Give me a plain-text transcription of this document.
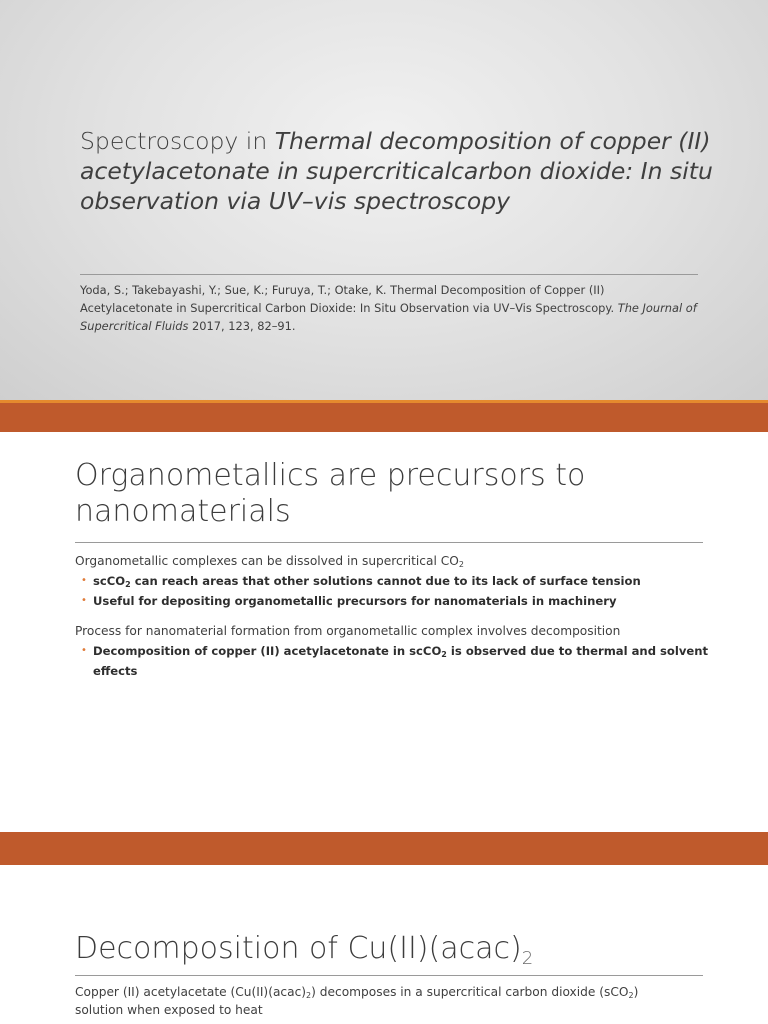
Spectroscopy in Thermal decomposition of copper (II) acetylacetonate in supercriticalcarbon dioxide: In situ observation via UV–vis spectroscopy
Yoda, S.; Takebayashi, Y.; Sue, K.; Furuya, T.; Otake, K. Thermal Decomposition of Copper (II) Acetylacetonate in Supercritical Carbon Dioxide: In Situ Observation via UV–Vis Spectroscopy. The Journal of Supercritical Fluids 2017, 123, 82–91.
Organometallics are precursors to nanomaterials
Organometallic complexes can be dissolved in supercritical $CO_2$
• scCO$_2$ can reach areas that other solutions cannot due to its lack of surface tension
• Useful for depositing organometallic precursors for nanomaterials in machinery
Process for nanomaterial formation from organometallic complex involves decomposition
• Decomposition of copper (II) acetylacetonate in scCO$_2$ is observed due to thermal and solvent effects
Decomposition of $Cu(II)(acac)_2$
Copper (II) acetylacetate $(Cu(II)(acac)_2)$ decomposes in a supercritical carbon dioxide (sCO$_2$)
solution when exposed to heat
